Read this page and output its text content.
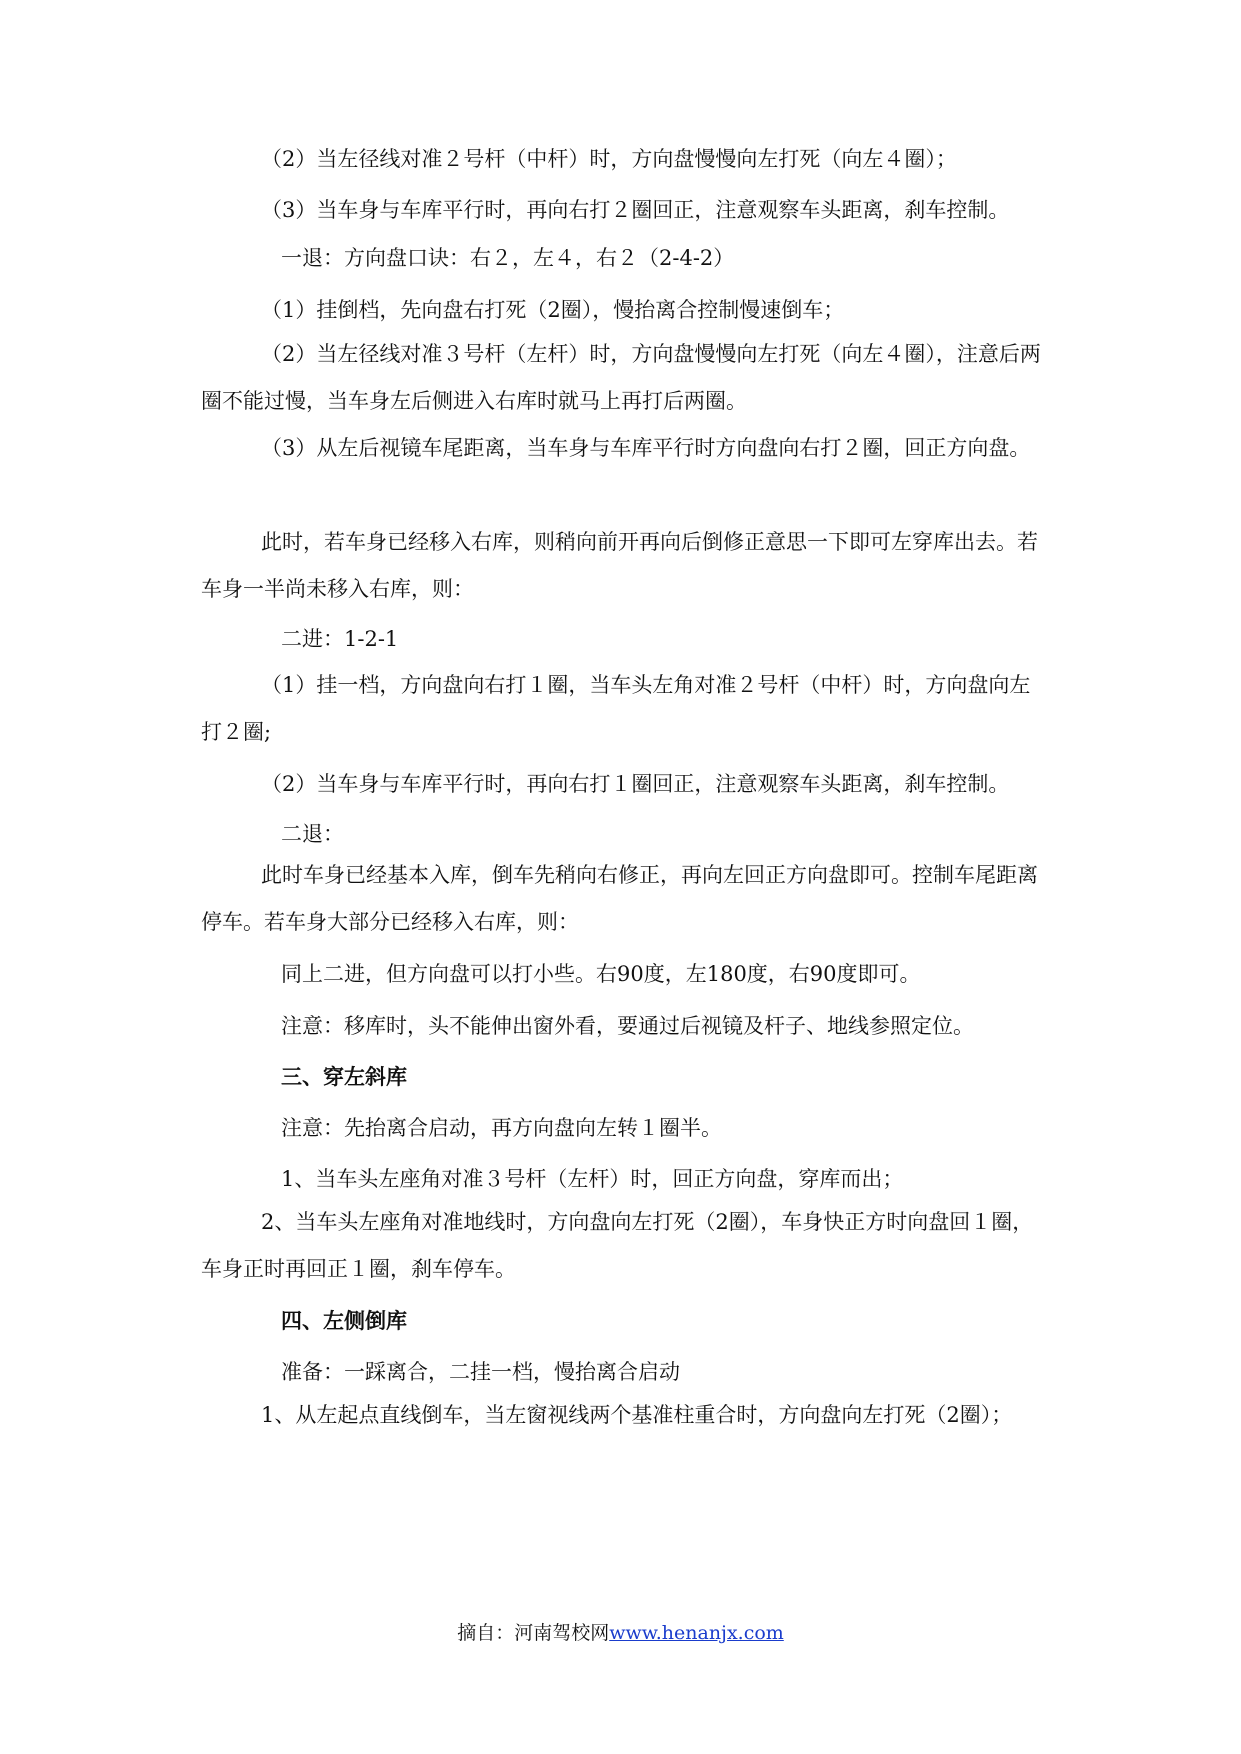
（2）当左径线对准２号杆（中杆）时，方向盘慢慢向左打死（向左４圈）；

（3）当车身与车库平行时，再向右打２圈回正，注意观察车头距离，刹车控制。

一退：方向盘口诀：右２，左４，右２（2-4-2）

（1）挂倒档，先向盘右打死（2圈），慢抬离合控制慢速倒车；

（2）当左径线对准３号杆（左杆）时，方向盘慢慢向左打死（向左４圈），注意后两圈不能过慢，当车身左后侧进入右库时就马上再打后两圈。

（3）从左后视镜车尾距离，当车身与车库平行时方向盘向右打２圈，回正方向盘。

此时，若车身已经移入右库，则稍向前开再向后倒修正意思一下即可左穿库出去。若车身一半尚未移入右库，则：

二进：1-2-1

（1）挂一档，方向盘向右打１圈，当车头左角对准２号杆（中杆）时，方向盘向左打２圈;

（2）当车身与车库平行时，再向右打１圈回正，注意观察车头距离，刹车控制。

二退：

此时车身已经基本入库，倒车先稍向右修正，再向左回正方向盘即可。控制车尾距离停车。若车身大部分已经移入右库，则：

同上二进，但方向盘可以打小些。右90度，左180度，右90度即可。

注意：移库时，头不能伸出窗外看，要通过后视镜及杆子、地线参照定位。

三、穿左斜库

注意：先抬离合启动，再方向盘向左转１圈半。

1、当车头左座角对准３号杆（左杆）时，回正方向盘，穿库而出；

2、当车头左座角对准地线时，方向盘向左打死（2圈），车身快正方时向盘回１圈，车身正时再回正１圈，刹车停车。

四、左侧倒库

准备：一踩离合，二挂一档，慢抬离合启动

1、从左起点直线倒车，当左窗视线两个基准柱重合时，方向盘向左打死（2圈）；

摘自：河南驾校网www.henanjx.com
